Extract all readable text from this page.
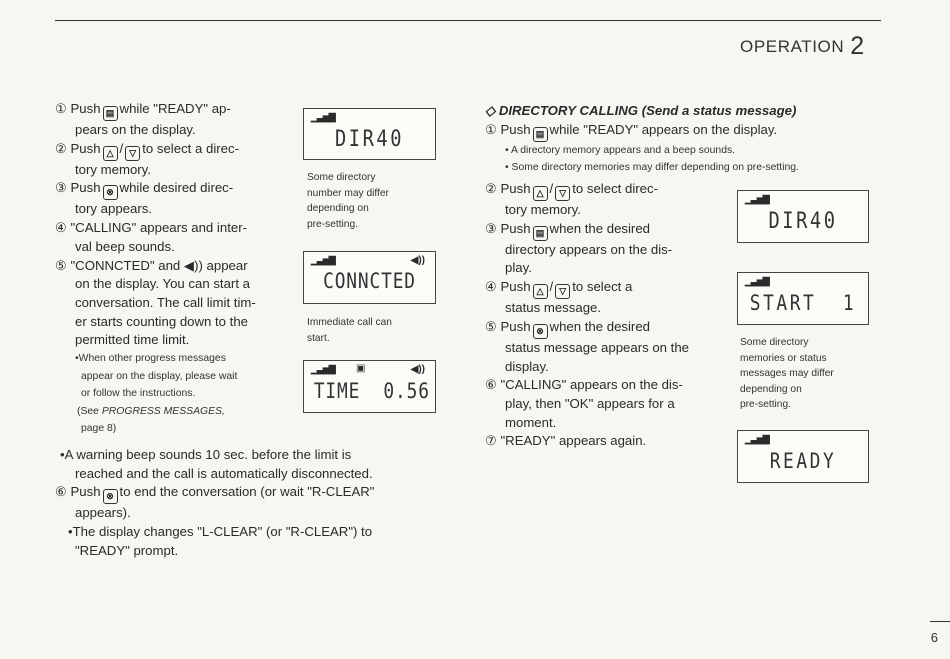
OPERATION 2
① Push ▤ while "READY" ap-
pears on the display.
② Push △ / ▽ to select a direc-
tory memory.
③ Push ⊗ while desired direc-
tory appears.
④ "CALLING" appears and inter-
val beep sounds.
⑤ "CONNCTED" and ◀)) appear
on the display. You can start a
conversation. The call limit tim-
er starts counting down to the
permitted time limit.
•When other progress messages
appear on the display, please wait
or follow the instructions.
(See PROGRESS MESSAGES,
page 8)
•A warning beep sounds 10 sec. before the limit is
reached and the call is automatically disconnected.
⑥ Push ⊗ to end the conversation (or wait "R-CLEAR"
appears).
•The display changes "L-CLEAR" (or "R-CLEAR") to
"READY" prompt.
▁▃▅▇
DIR40
Some directory
number may differ
depending on
pre-setting.
▁▃▅▇	◀))
CONNCTED
Immediate call can
start.
▁▃▅▇ ▣	◀))
TIME  0.56
◇ DIRECTORY CALLING (Send a status message)
① Push ▤ while "READY" appears on the display.
• A directory memory appears and a beep sounds.
• Some directory memories may differ depending on pre-setting.
② Push △ / ▽ to select direc-
tory memory.
③ Push ▤ when the desired
directory appears on the dis-
play.
④ Push △ / ▽ to select a
status message.
⑤ Push ⊗ when the desired
status message appears on the
display.
⑥ "CALLING" appears on the dis-
play, then "OK" appears for a
moment.
⑦ "READY" appears again.
▁▃▅▇
DIR40
▁▃▅▇
START  1
Some directory
memories or status
messages may differ
depending on
pre-setting.
▁▃▅▇
READY
6
